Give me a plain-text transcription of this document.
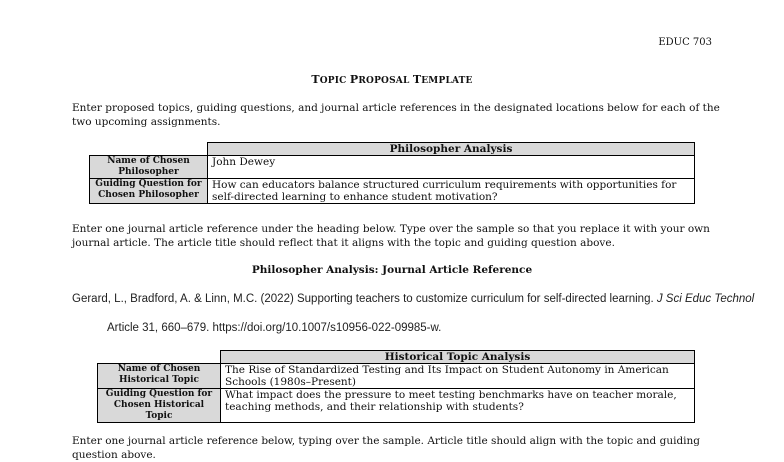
EDUC 703
TOPIC PROPOSAL TEMPLATE
Enter proposed topics, guiding questions, and journal article references in the designated locations below for each of the two upcoming assignments.
	Philosopher Analysis
Name of Chosen Philosopher	John Dewey
Guiding Question for Chosen Philosopher	How can educators balance structured curriculum requirements with opportunities for self-directed learning to enhance student motivation?
Enter one journal article reference under the heading below. Type over the sample so that you replace it with your own journal article. The article title should reflect that it aligns with the topic and guiding question above.
Philosopher Analysis: Journal Article Reference
Gerard, L., Bradford, A. & Linn, M.C. (2022) Supporting teachers to customize curriculum for self-directed learning. J Sci Educ Technol
Article 31, 660–679. https://doi.org/10.1007/s10956-022-09985-w.
	Historical Topic Analysis
Name of Chosen Historical Topic	The Rise of Standardized Testing and Its Impact on Student Autonomy in American Schools (1980s–Present)
Guiding Question for Chosen Historical Topic	What impact does the pressure to meet testing benchmarks have on teacher morale, teaching methods, and their relationship with students?
Enter one journal article reference below, typing over the sample. Article title should align with the topic and guiding question above.
